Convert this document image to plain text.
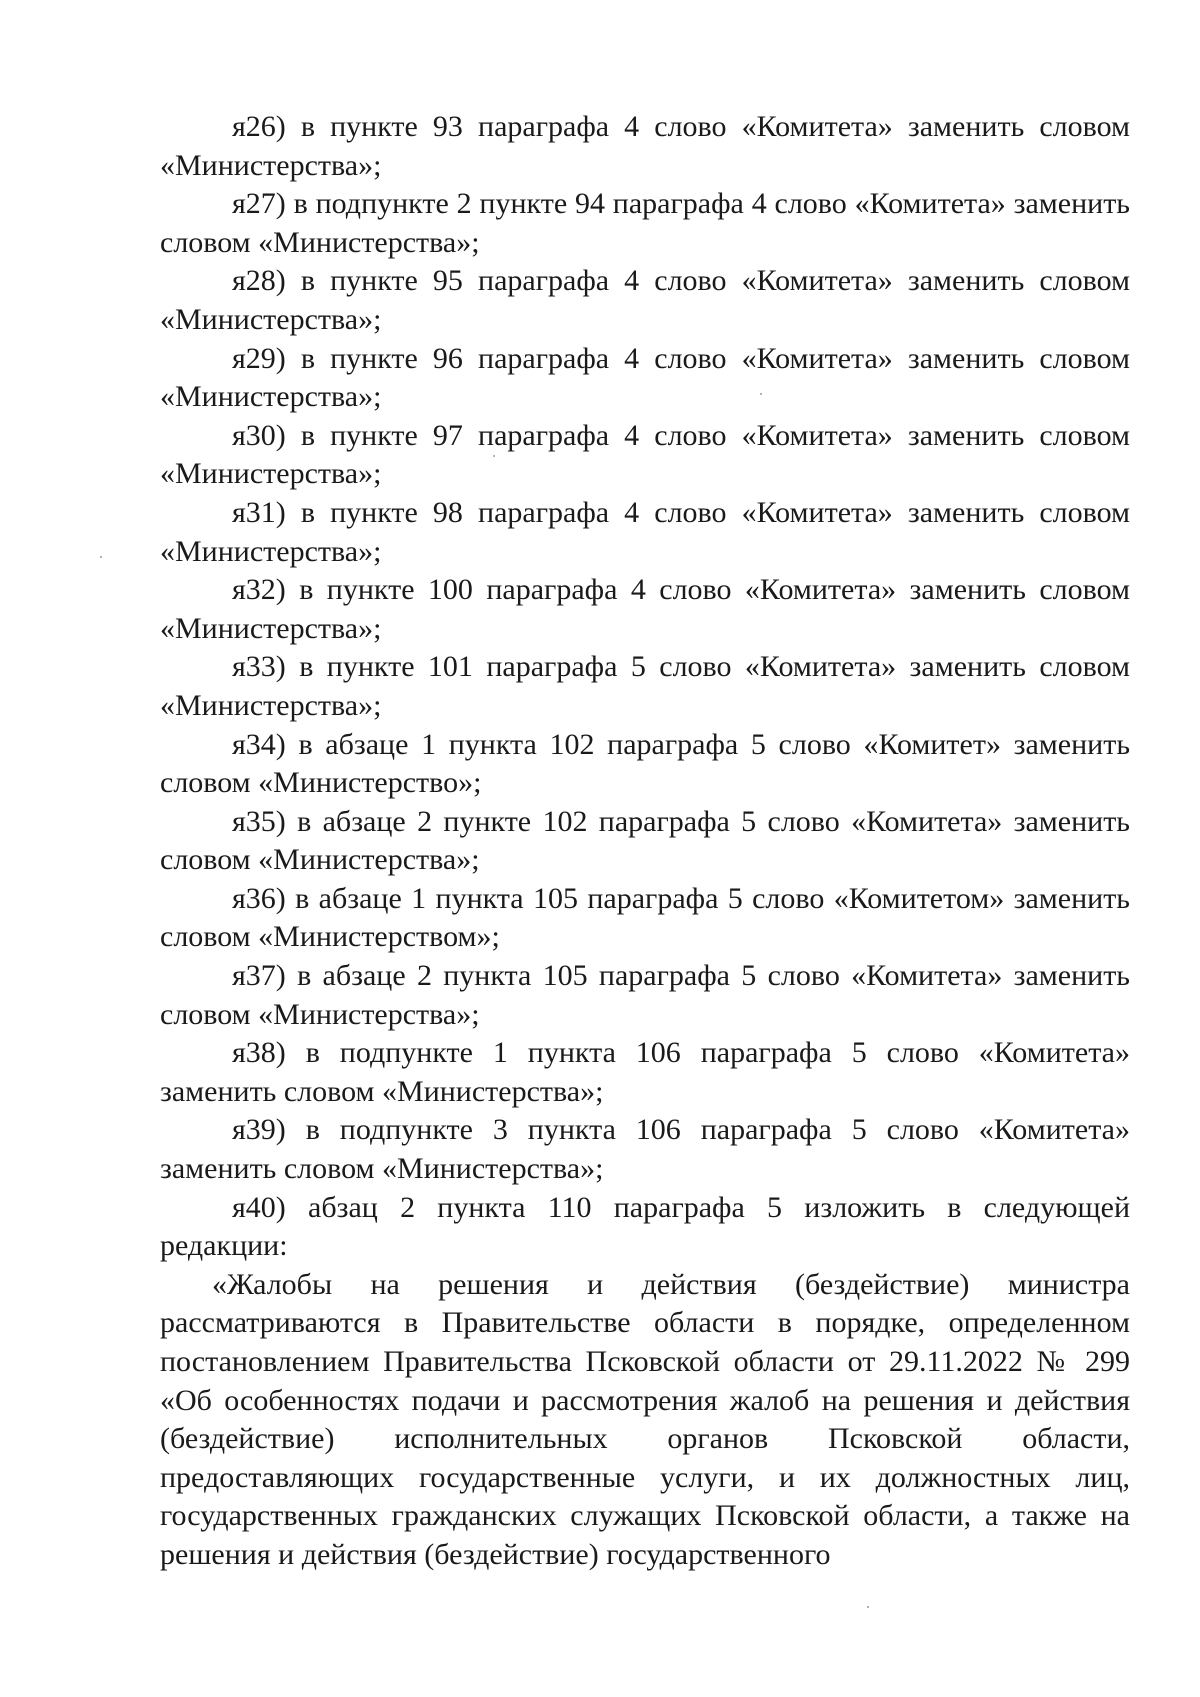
я26) в пункте 93 параграфа 4 слово «Комитета» заменить словом «Министерства»;

я27) в подпункте 2 пункте 94 параграфа 4 слово «Комитета» заменить словом «Министерства»;

я28) в пункте 95 параграфа 4 слово «Комитета» заменить словом «Министерства»;

я29) в пункте 96 параграфа 4 слово «Комитета» заменить словом «Министерства»;

я30) в пункте 97 параграфа 4 слово «Комитета» заменить словом «Министерства»;

я31) в пункте 98 параграфа 4 слово «Комитета» заменить словом «Министерства»;

я32) в пункте 100 параграфа 4 слово «Комитета» заменить словом «Министерства»;

я33) в пункте 101 параграфа 5 слово «Комитета» заменить словом «Министерства»;

я34) в абзаце 1 пункта 102 параграфа 5 слово «Комитет» заменить словом «Министерство»;

я35) в абзаце 2 пункте 102 параграфа 5 слово «Комитета» заменить словом «Министерства»;

я36) в абзаце 1 пункта 105 параграфа 5 слово «Комитетом» заменить словом «Министерством»;

я37) в абзаце 2 пункта 105 параграфа 5 слово «Комитета» заменить словом «Министерства»;

я38) в подпункте 1 пункта 106 параграфа 5 слово «Комитета» заменить словом «Министерства»;

я39) в подпункте 3 пункта 106 параграфа 5 слово «Комитета» заменить словом «Министерства»;

я40) абзац 2 пункта 110 параграфа 5 изложить в следующей редакции:

«Жалобы на решения и действия (бездействие) министра рассматриваются в Правительстве области в порядке, определенном постановлением Правительства Псковской области от 29.11.2022 № 299 «Об особенностях подачи и рассмотрения жалоб на решения и действия (бездействие) исполнительных органов Псковской области, предоставляющих государственные услуги, и их должностных лиц, государственных гражданских служащих Псковской области, а также на решения и действия (бездействие) государственного
